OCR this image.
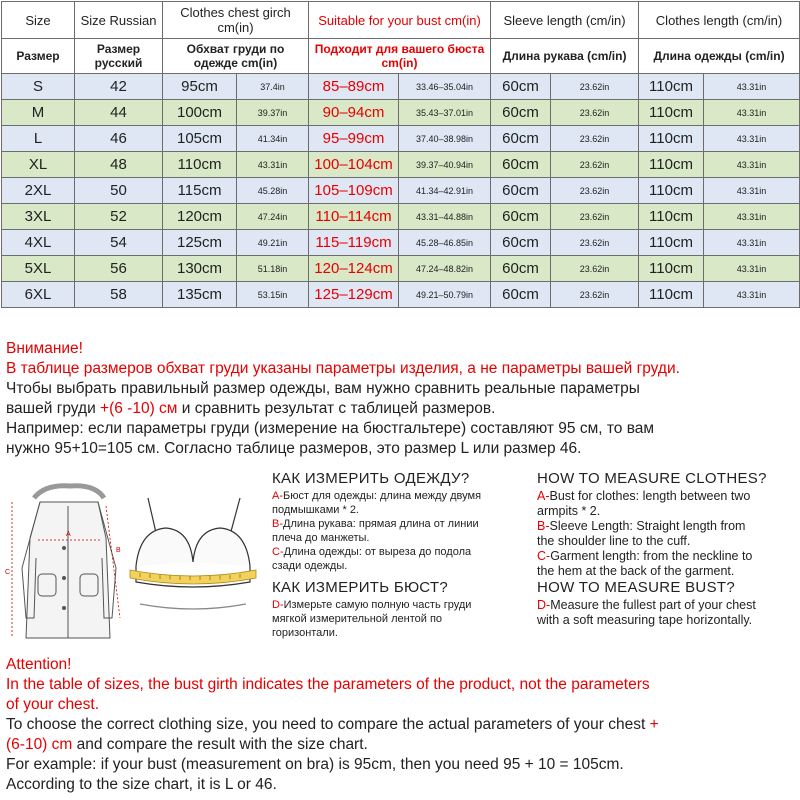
Size	Size Russian	Clothes chest girch cm(in)		Suitable for your bust cm(in)		Sleeve length (cm/in)		Clothes length (cm/in)	
Размер	Размер русский	Обхват груди по одежде cm(in)		Подходит для вашего бюста cm(in)		Длина рукава (cm/in)		Длина одежды (cm/in)	
S	42	95cm	37.4in	85–89cm	33.46–35.04in	60cm	23.62in	110cm	43.31in
M	44	100cm	39.37in	90–94cm	35.43–37.01in	60cm	23.62in	110cm	43.31in
L	46	105cm	41.34in	95–99cm	37.40–38.98in	60cm	23.62in	110cm	43.31in
XL	48	110cm	43.31in	100–104cm	39.37–40.94in	60cm	23.62in	110cm	43.31in
2XL	50	115cm	45.28in	105–109cm	41.34–42.91in	60cm	23.62in	110cm	43.31in
3XL	52	120cm	47.24in	110–114cm	43.31–44.88in	60cm	23.62in	110cm	43.31in
4XL	54	125cm	49.21in	115–119cm	45.28–46.85in	60cm	23.62in	110cm	43.31in
5XL	56	130cm	51.18in	120–124cm	47.24–48.82in	60cm	23.62in	110cm	43.31in
6XL	58	135cm	53.15in	125–129cm	49.21–50.79in	60cm	23.62in	110cm	43.31in
Внимание!
В таблице размеров обхват груди указаны параметры изделия, а не параметры вашей груди.
Чтобы выбрать правильный размер одежды, вам нужно сравнить реальные параметры
вашей груди +(6 -10) см и сравнить результат с таблицей размеров.
Например: если параметры груди (измерение на бюстгальтере) составляют 95 см, то вам
нужно 95+10=105 см. Согласно таблице размеров, это размер L или размер 46.
A
B
C
КАК ИЗМЕРИТЬ ОДЕЖДУ?
А-Бюст для одежды: длина между двумя
подмышками * 2.
В-Длина рукава: прямая длина от линии
плеча до манжеты.
С-Длина одежды: от выреза до подола
сзади одежды.
КАК ИЗМЕРИТЬ БЮСТ?
D-Измерьте самую полную часть груди
мягкой измерительной лентой по
горизонтали.
HOW TO MEASURE CLOTHES?
A-Bust for clothes: length between two
armpits * 2.
B-Sleeve Length: Straight length from
the shoulder line to the cuff.
C-Garment length: from the neckline to
the hem at the back of the garment.
HOW TO MEASURE BUST?
D-Measure the fullest part of your chest
with a soft measuring tape horizontally.
Attention!
In the table of sizes, the bust girth indicates the parameters of the product, not the parameters
of your chest.
To choose the correct clothing size, you need to compare the actual parameters of your chest +
(6-10) cm and compare the result with the size chart.
For example: if your bust (measurement on bra) is 95cm, then you need 95 + 10 = 105cm.
According to the size chart, it is L or 46.
